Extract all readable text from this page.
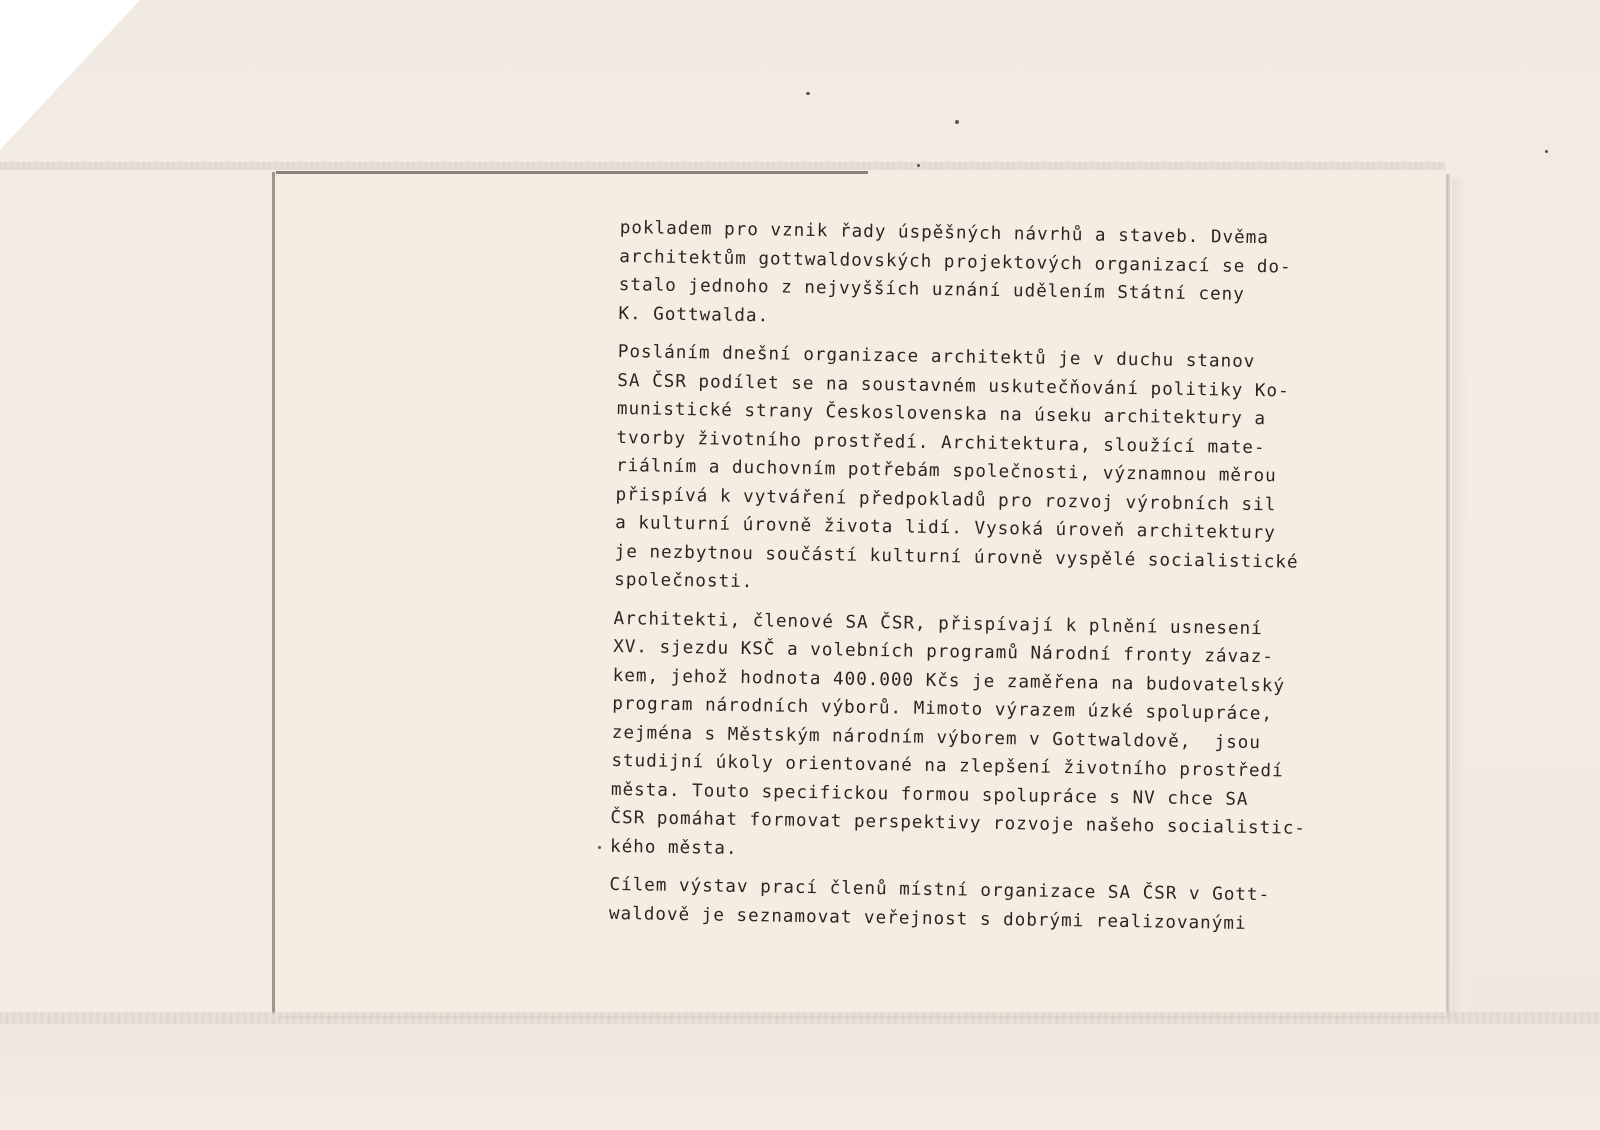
pokladem pro vznik řady úspěšných návrhů a staveb. Dvěma
architektům gottwaldovských projektových organizací se do-
stalo jednoho z nejvyšších uznání udělením Státní ceny
K. Gottwalda.
Posláním dnešní organizace architektů je v duchu stanov
SA ČSR podílet se na soustavném uskutečňování politiky Ko-
munistické strany Československa na úseku architektury a
tvorby životního prostředí. Architektura, sloužící mate-
riálním a duchovním potřebám společnosti, významnou měrou
přispívá k vytváření předpokladů pro rozvoj výrobních sil
a kulturní úrovně života lidí. Vysoká úroveň architektury
je nezbytnou součástí kulturní úrovně vyspělé socialistické
společnosti.
Architekti, členové SA ČSR, přispívají k plnění usnesení
XV. sjezdu KSČ a volebních programů Národní fronty závaz-
kem, jehož hodnota 400.000 Kčs je zaměřena na budovatelský
program národních výborů. Mimoto výrazem úzké spolupráce,
zejména s Městským národním výborem v Gottwaldově,  jsou
studijní úkoly orientované na zlepšení životního prostředí
města. Touto specifickou formou spolupráce s NV chce SA
ČSR pomáhat formovat perspektivy rozvoje našeho socialistic-
kého města.
Cílem výstav prací členů místní organizace SA ČSR v Gott-
waldově je seznamovat veřejnost s dobrými realizovanými
